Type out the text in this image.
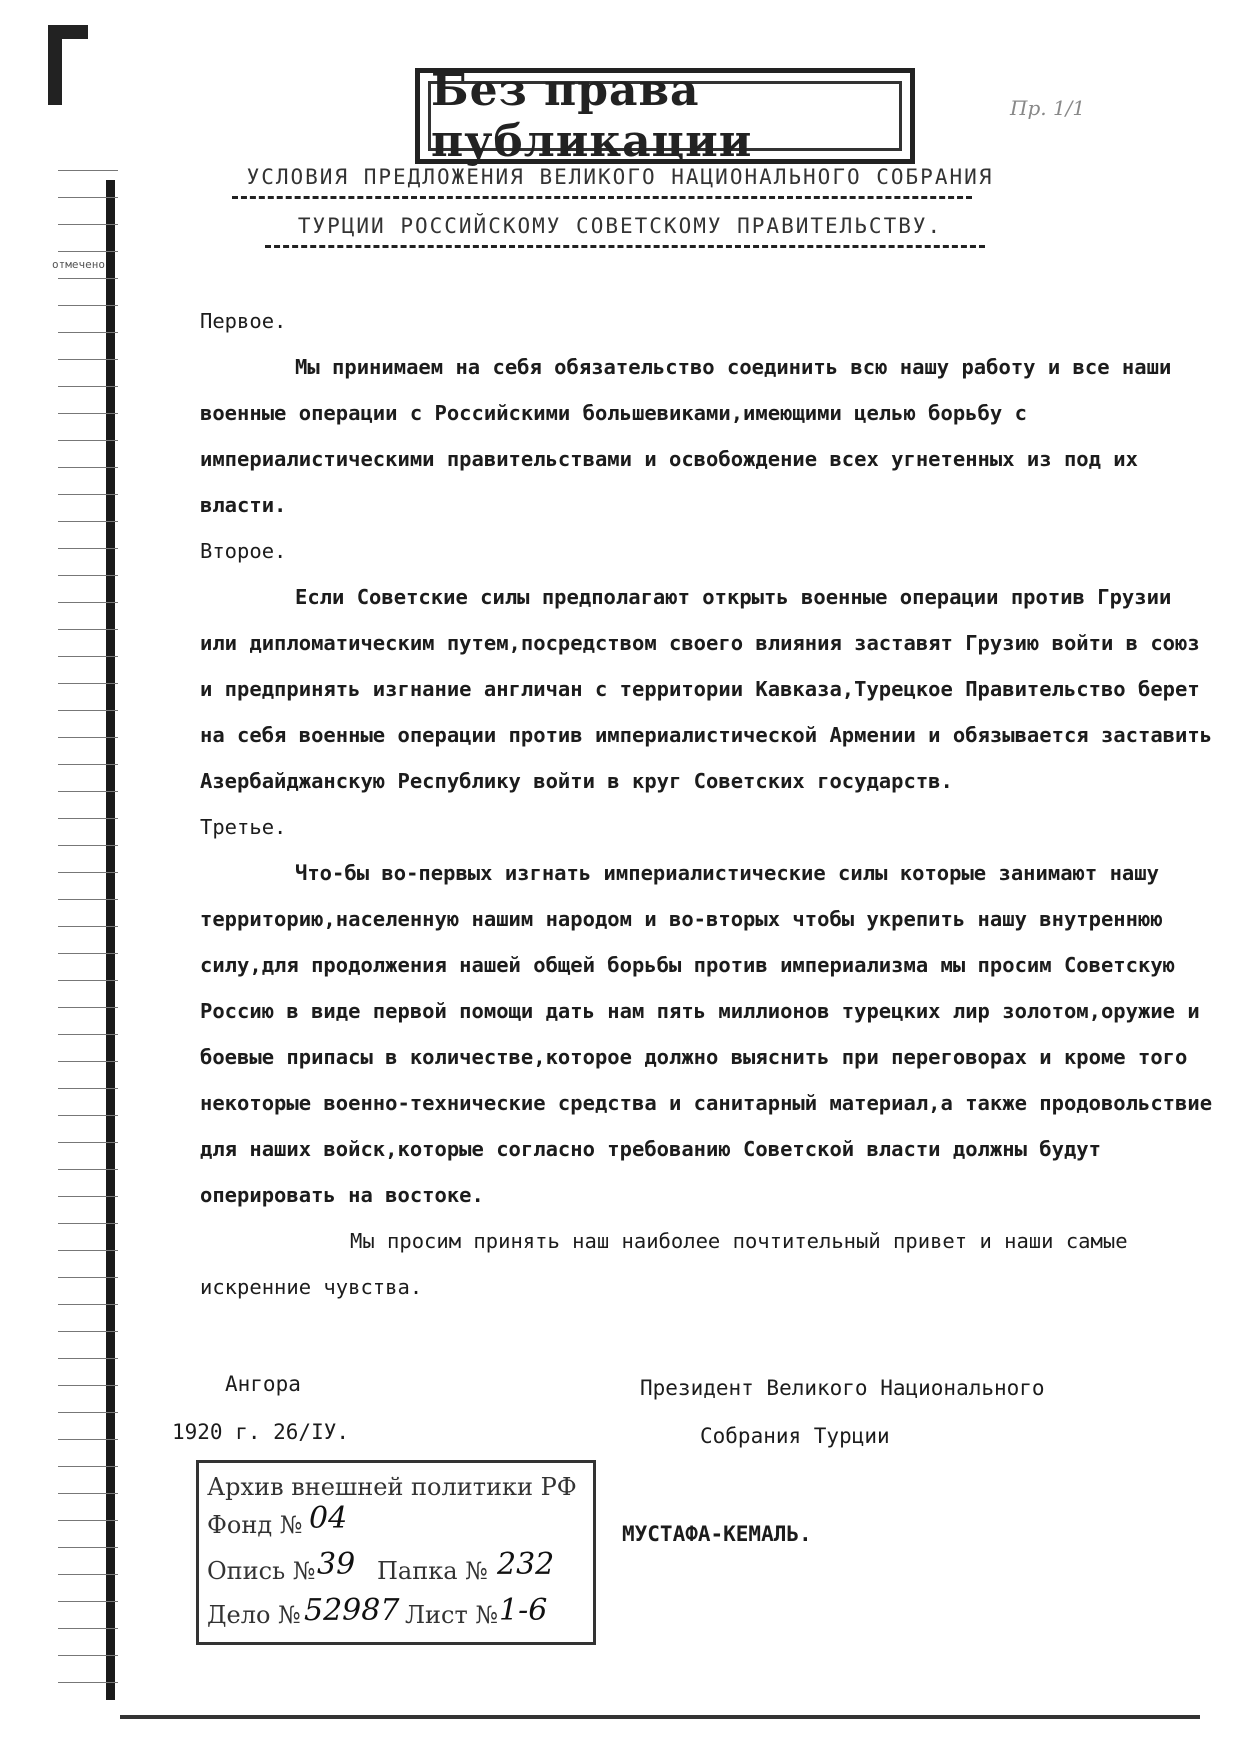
отмечено
Без права публикации
Пр. 1/1
УСЛОВИЯ ПРЕДЛОЖЕНИЯ ВЕЛИКОГО НАЦИОНАЛЬНОГО СОБРАНИЯ
ТУРЦИИ РОССИЙСКОМУ СОВЕТСКОМУ ПРАВИТЕЛЬСТВУ.

Первое.

Мы принимаем на себя обязательство соединить всю нашу работу и все наши военные операции с Российскими большевиками,имеющими целью борьбу с империалистическими правительствами и освобождение всех угнетенных из под их власти.

Второе.

Если Советские силы предполагают открыть военные операции против Грузии или дипломатическим путем,посредством своего влияния заставят Грузию войти в союз и предпринять изгнание англичан с территории Кавказа,Турецкое Правительство берет на себя военные операции против империалистической Армении и обязывается заставить Азербайджанскую Республику войти в круг Советских государств.

Третье.

Что-бы во-первых изгнать империалистические силы которые занимают нашу территорию,населенную нашим народом и во-вторых чтобы укрепить нашу внутреннюю силу,для продолжения нашей общей борьбы против империализма мы просим Советскую Россию в виде первой помощи дать нам пять миллионов турецких лир золотом,оружие и боевые припасы в количестве,которое должно выяснить при переговорах и кроме того некоторые военно-технические средства и санитарный материал,а также продовольствие для наших войск,которые согласно требованию Советской власти должны будут оперировать на востоке.

Мы просим принять наш наиболее почтительный привет и наши самые искренние чувства.

Ангора
1920 г. 26/IУ.
Президент Великого Национального
Собрания Турции
МУСТАФА-КЕМАЛЬ.
Архив внешней политики РФ
Фонд № 04
Опись № 39 Папка № 232
Дело № 52987 Лист № 1-6
